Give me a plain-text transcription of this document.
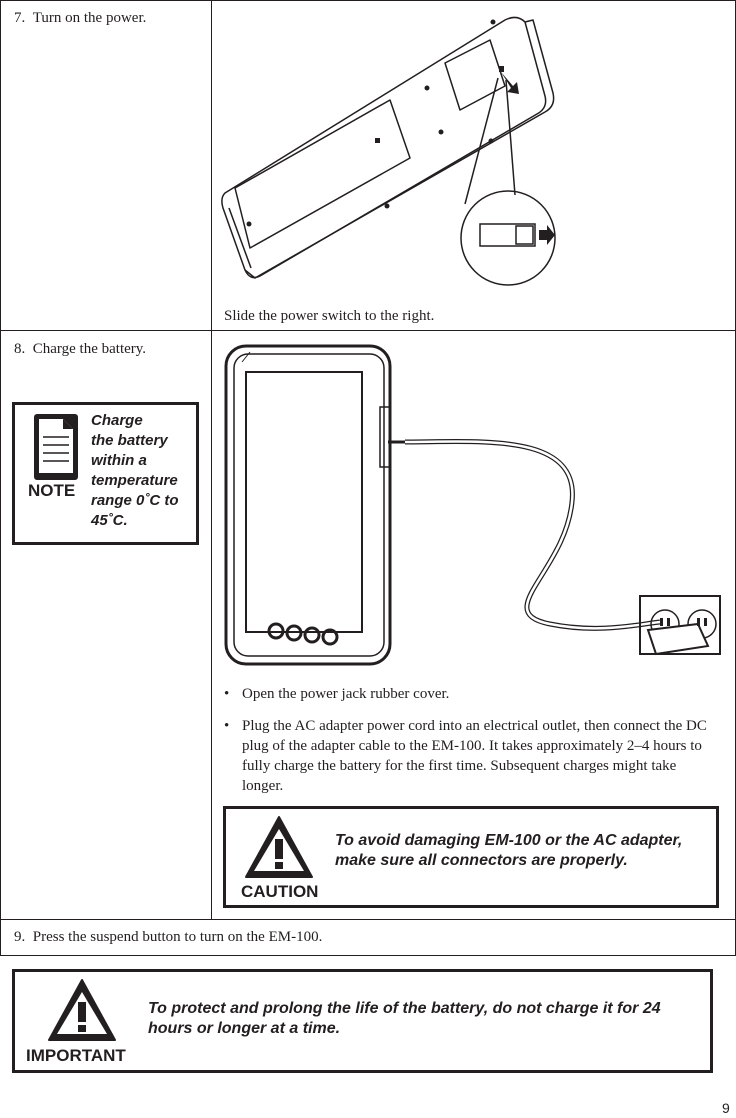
7. Turn on the power.
Slide the power switch to the right.
8. Charge the battery.
NOTE
Charge
the battery
within a
temperature
range 0˚C to
45˚C.
• Open the power jack rubber cover.
• Plug the AC adapter power cord into an electrical outlet, then connect the DC plug of the adapter cable to the EM-100. It takes approximately 2–4 hours to fully charge the battery for the first time. Subsequent charges might take longer.
CAUTION
To avoid damaging EM-100 or the AC adapter,
make sure all connectors are properly.
9. Press the suspend button to turn on the EM-100.
IMPORTANT
To protect and prolong the life of the battery, do not charge it for 24
hours or longer at a time.
9
